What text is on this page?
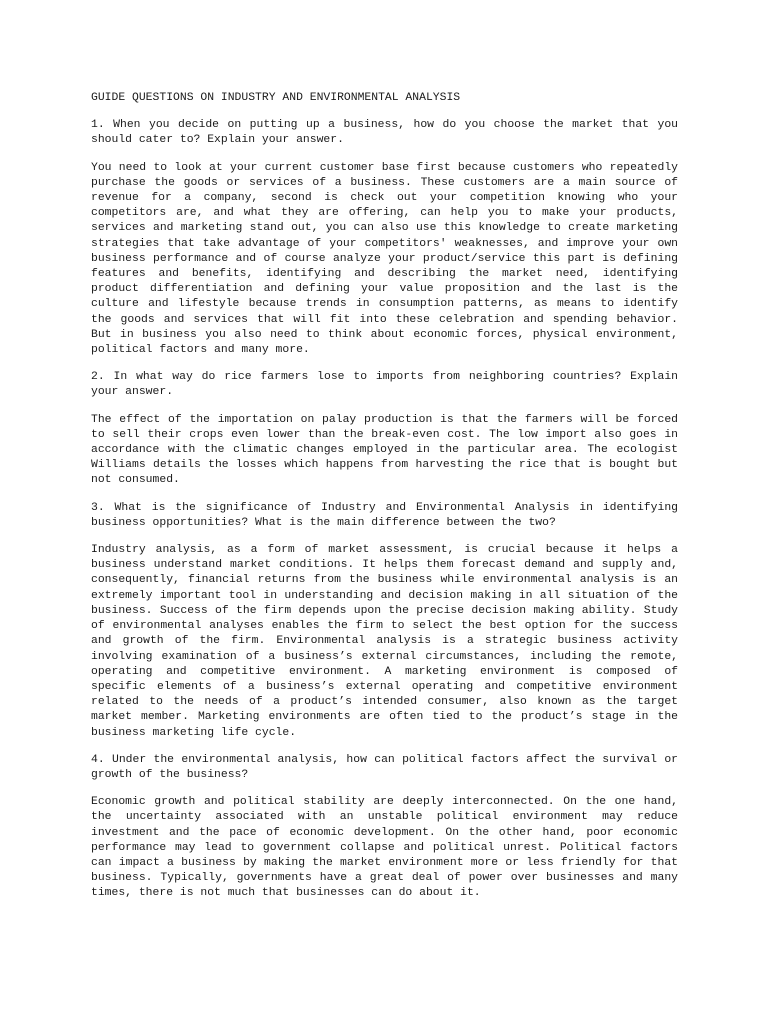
GUIDE QUESTIONS ON INDUSTRY AND ENVIRONMENTAL ANALYSIS

1. When you decide on putting up a business, how do you choose the market that you should cater to? Explain your answer.

You need to look at your current customer base first because customers who repeatedly purchase the goods or services of a business. These customers are a main source of revenue for a company, second is check out your competition knowing who your competitors are, and what they are offering, can help you to make your products, services and marketing stand out, you can also use this knowledge to create marketing strategies that take advantage of your competitors' weaknesses, and improve your own business performance and of course analyze your product/service this part is defining features and benefits, identifying and describing the market need, identifying product differentiation and defining your value proposition and the last is the culture and lifestyle because trends in consumption patterns, as means to identify the goods and services that will fit into these celebration and spending behavior. But in business you also need to think about economic forces, physical environment, political factors and many more.

2. In what way do rice farmers lose to imports from neighboring countries? Explain your answer.

The effect of the importation on palay production is that the farmers will be forced to sell their crops even lower than the break-even cost. The low import also goes in accordance with the climatic changes employed in the particular area. The ecologist Williams details the losses which happens from harvesting the rice that is bought but not consumed.

3. What is the significance of Industry and Environmental Analysis in identifying business opportunities? What is the main difference between the two?

Industry analysis, as a form of market assessment, is crucial because it helps a business understand market conditions. It helps them forecast demand and supply and, consequently, financial returns from the business while environmental analysis is an extremely important tool in understanding and decision making in all situation of the business. Success of the firm depends upon the precise decision making ability. Study of environmental analyses enables the firm to select the best option for the success and growth of the firm. Environmental analysis is a strategic business activity involving examination of a business’s external circumstances, including the remote, operating and competitive environment. A marketing environment is composed of specific elements of a business’s external operating and competitive environment related to the needs of a product’s intended consumer, also known as the target market member. Marketing environments are often tied to the product’s stage in the business marketing life cycle.

4. Under the environmental analysis, how can political factors affect the survival or growth of the business?

Economic growth and political stability are deeply interconnected. On the one hand, the uncertainty associated with an unstable political environment may reduce investment and the pace of economic development. On the other hand, poor economic performance may lead to government collapse and political unrest. Political factors can impact a business by making the market environment more or less friendly for that business. Typically, governments have a great deal of power over businesses and many times, there is not much that businesses can do about it.
